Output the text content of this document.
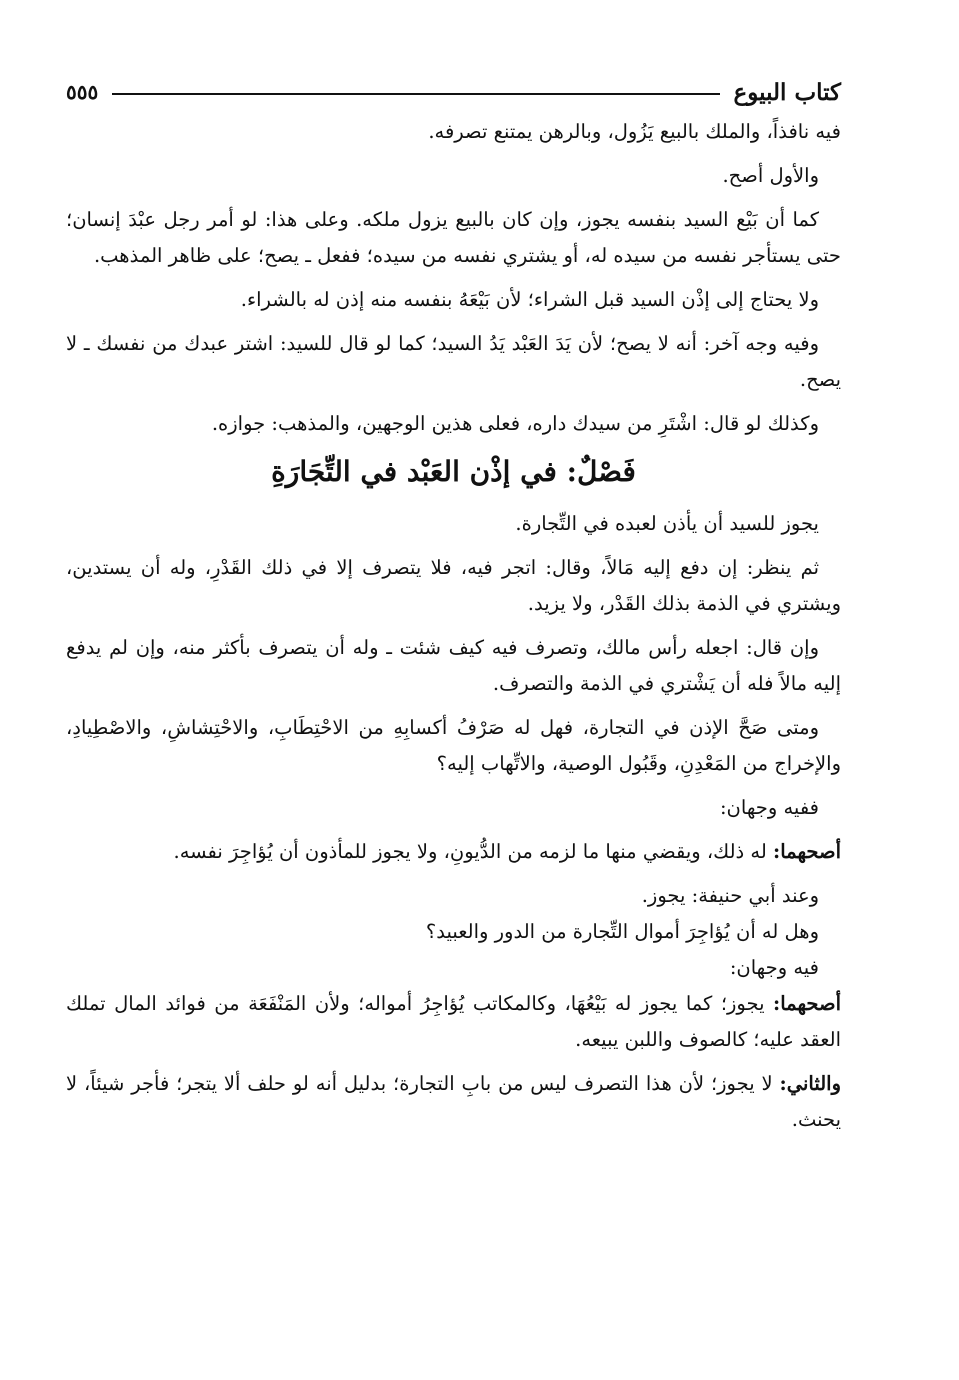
كتاب البيوع
٥٥٥

فيه نافذاً، والملك بالبيع يَزُول، وبالرهن يمتنع تصرفه.

والأول أصح.

كما أن بَيْع السيد بنفسه يجوز، وإن كان بالبيع يزول ملكه. وعلى هذا: لو أمر رجل عبْدَ إنسان؛ حتى يستأجر نفسه من سيده له، أو يشتري نفسه من سيده؛ ففعل ـ يصح؛ على ظاهر المذهب.

ولا يحتاج إلى إذْن السيد قبل الشراء؛ لأن بَيْعَهُ بنفسه منه إذن له بالشراء.

وفيه وجه آخر: أنه لا يصح؛ لأن يَدَ العَبْد يَدُ السيد؛ كما لو قال للسيد: اشتر عبدك من نفسك ـ لا يصح.

وكذلك لو قال: اشْتَرِ من سيدك داره، فعلى هذين الوجهين، والمذهب: جوازه.

فَصْلٌ: في إذْن العَبْد في التِّجَارَةِ

يجوز للسيد أن يأذن لعبده في التِّجارة.

ثم ينظر: إن دفع إليه مَالاً، وقال: اتجر فيه، فلا يتصرف إلا في ذلك القَدْرِ، وله أن يستدين، ويشتري في الذمة بذلك القَدْر، ولا يزيد.

وإن قال: اجعله رأس مالك، وتصرف فيه كيف شئت ـ وله أن يتصرف بأكثر منه، وإن لم يدفع إليه مالاً فله أن يَشْتري في الذمة والتصرف.

ومتى صَحَّ الإذن في التجارة، فهل له صَرْفُ أكسابِهِ من الاحْتِطَابِ، والاحْتِشاشِ، والاصْطِيادِ، والإخراج من المَعْدِنِ، وقَبُول الوصية، والاتِّهاب إليه؟

ففيه وجهان:

أصحهما: له ذلك، ويقضي منها ما لزمه من الدُّيونِ، ولا يجوز للمأذون أن يُؤاجِرَ نفسه.

وعند أبي حنيفة: يجوز.

وهل له أن يُؤاجِرَ أموال التِّجارة من الدور والعبيد؟

فيه وجهان:

أصحهما: يجوز؛ كما يجوز له بَيْعُهَا، وكالمكاتب يُؤاجِرُ أمواله؛ ولأن المَنْفَعَة من فوائد المال تملك العقد عليه؛ كالصوف واللبن يبيعه.

والثاني: لا يجوز؛ لأن هذا التصرف ليس من بابِ التجارة؛ بدليل أنه لو حلف ألا يتجر؛ فأجر شيئاً، لا يحنث.
